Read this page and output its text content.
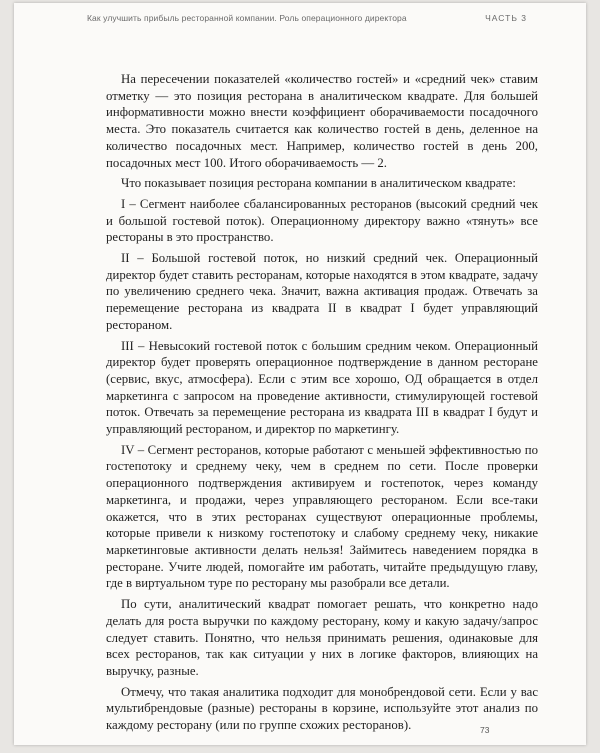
Как улучшить прибыль ресторанной компании. Роль операционного директора	ЧАСТЬ 3

На пересечении показателей «количество гостей» и «средний чек» ставим отметку — это позиция ресторана в аналитическом квадрате. Для большей информативности можно внести коэффициент оборачиваемости посадочного места. Это показатель считается как количество гостей в день, деленное на количество посадочных мест. Например, количество гостей в день 200, посадочных мест 100. Итого оборачиваемость — 2.

Что показывает позиция ресторана компании в аналитическом квадрате:

I – Сегмент наиболее сбалансированных ресторанов (высокий средний чек и большой гостевой поток). Операционному директору важно «тянуть» все рестораны в это пространство.

II – Большой гостевой поток, но низкий средний чек. Операционный директор будет ставить ресторанам, которые находятся в этом квадрате, задачу по увеличению среднего чека. Значит, важна активация продаж. Отвечать за перемещение ресторана из квадрата II в квадрат I будет управляющий рестораном.

III – Невысокий гостевой поток с большим средним чеком. Операционный директор будет проверять операционное подтверждение в данном ресторане (сервис, вкус, атмосфера). Если с этим все хорошо, ОД обращается в отдел маркетинга с запросом на проведение активности, стимулирующей гостевой поток. Отвечать за перемещение ресторана из квадрата III в квадрат I будут и управляющий рестораном, и директор по маркетингу.

IV – Сегмент ресторанов, которые работают с меньшей эффективностью по гостепотоку и среднему чеку, чем в среднем по сети. После проверки операционного подтверждения активируем и гостепоток, через команду маркетинга, и продажи, через управляющего рестораном. Если все-таки окажется, что в этих ресторанах существуют операционные проблемы, которые привели к низкому гостепотоку и слабому среднему чеку, никакие маркетинговые активности делать нельзя! Займитесь наведением порядка в ресторане. Учите людей, помогайте им работать, читайте предыдущую главу, где в виртуальном туре по ресторану мы разобрали все детали.

По сути, аналитический квадрат помогает решать, что конкретно надо делать для роста выручки по каждому ресторану, кому и какую задачу/запрос следует ставить. Понятно, что нельзя принимать решения, одинаковые для всех ресторанов, так как ситуации у них в логике факторов, влияющих на выручку, разные.

Отмечу, что такая аналитика подходит для монобрендовой сети. Если у вас мультибрендовые (разные) рестораны в корзине, используйте этот анализ по каждому ресторану (или по группе схожих ресторанов).	73
